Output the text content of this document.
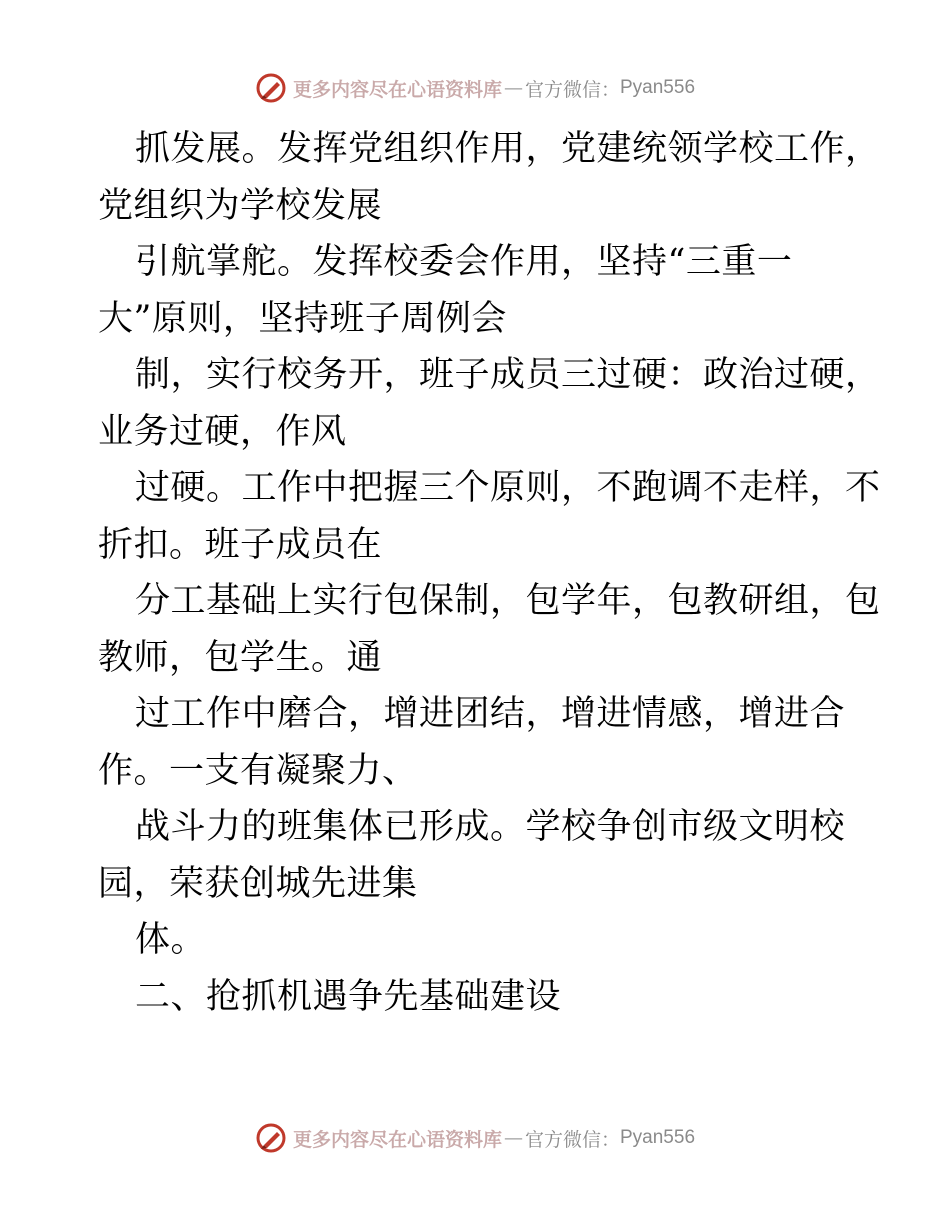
更多内容尽在心语资料库 — 官方微信： Pyan556
抓发展。发挥党组织作用，党建统领学校工作，
党组织为学校发展
引航掌舵。发挥校委会作用，坚持“三重一
大”原则，坚持班子周例会
制，实行校务开，班子成员三过硬：政治过硬，
业务过硬，作风
过硬。工作中把握三个原则，不跑调不走样，不
折扣。班子成员在
分工基础上实行包保制，包学年，包教研组，包
教师，包学生。通
过工作中磨合，增进团结，增进情感，增进合
作。一支有凝聚力、
战斗力的班集体已形成。学校争创市级文明校
园，荣获创城先进集
体。
二、抢抓机遇争先基础建设
更多内容尽在心语资料库 — 官方微信： Pyan556
